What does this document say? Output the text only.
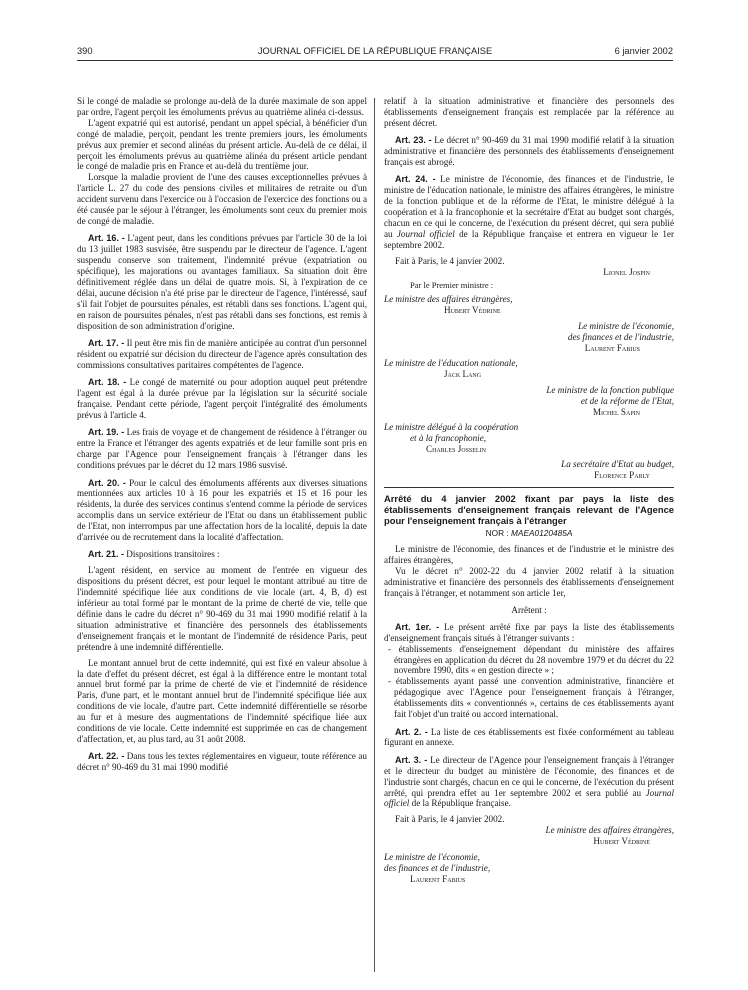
390	JOURNAL OFFICIEL DE LA RÉPUBLIQUE FRANÇAISE	6 janvier 2002

Si le congé de maladie se prolonge au-delà de la durée maximale de son appel par ordre, l'agent perçoit les émoluments prévus au quatrième alinéa ci-dessus.

L'agent expatrié qui est autorisé, pendant un appel spécial, à bénéficier d'un congé de maladie, perçoit, pendant les trente premiers jours, les émoluments prévus aux premier et second alinéas du présent article. Au-delà de ce délai, il perçoit les émoluments prévus au quatrième alinéa du présent article pendant le congé de maladie pris en France et au-delà du trentième jour.

Lorsque la maladie provient de l'une des causes exceptionnelles prévues à l'article L. 27 du code des pensions civiles et militaires de retraite ou d'un accident survenu dans l'exercice ou à l'occasion de l'exercice des fonctions ou a été causée par le séjour à l'étranger, les émoluments sont ceux du premier mois de congé de maladie.

Art. 16. - L'agent peut, dans les conditions prévues par l'article 30 de la loi du 13 juillet 1983 susvisée, être suspendu par le directeur de l'agence. L'agent suspendu conserve son traitement, l'indemnité prévue (expatriation ou spécifique), les majorations ou avantages familiaux. Sa situation doit être définitivement réglée dans un délai de quatre mois. Si, à l'expiration de ce délai, aucune décision n'a été prise par le directeur de l'agence, l'intéressé, sauf s'il fait l'objet de poursuites pénales, est rétabli dans ses fonctions. L'agent qui, en raison de poursuites pénales, n'est pas rétabli dans ses fonctions, est remis à disposition de son administration d'origine.

Art. 17. - Il peut être mis fin de manière anticipée au contrat d'un personnel résident ou expatrié sur décision du directeur de l'agence après consultation des commissions consultatives paritaires compétentes de l'agence.

Art. 18. - Le congé de maternité ou pour adoption auquel peut prétendre l'agent est égal à la durée prévue par la législation sur la sécurité sociale française. Pendant cette période, l'agent perçoit l'intégralité des émoluments prévus à l'article 4.

Art. 19. - Les frais de voyage et de changement de résidence à l'étranger ou entre la France et l'étranger des agents expatriés et de leur famille sont pris en charge par l'Agence pour l'enseignement français à l'étranger dans les conditions prévues par le décret du 12 mars 1986 susvisé.

Art. 20. - Pour le calcul des émoluments afférents aux diverses situations mentionnées aux articles 10 à 16 pour les expatriés et 15 et 16 pour les résidents, la durée des services continus s'entend comme la période de services accomplis dans un service extérieur de l'Etat ou dans un établissement public de l'Etat, non interrompus par une affectation hors de la localité, depuis la date d'arrivée ou de recrutement dans la localité d'affectation.

Art. 21. - Dispositions transitoires :

L'agent résident, en service au moment de l'entrée en vigueur des dispositions du présent décret, est pour lequel le montant attribué au titre de l'indemnité spécifique liée aux conditions de vie locale (art. 4, B, d) est inférieur au total formé par le montant de la prime de cherté de vie, telle que définie dans le cadre du décret n° 90-469 du 31 mai 1990 modifié relatif à la situation administrative et financière des personnels des établissements d'enseignement français et le montant de l'indemnité de résidence Paris, peut prétendre à une indemnité différentielle.

Le montant annuel brut de cette indemnité, qui est fixé en valeur absolue à la date d'effet du présent décret, est égal à la différence entre le montant total annuel brut formé par la prime de cherté de vie et l'indemnité de résidence Paris, d'une part, et le montant annuel brut de l'indemnité spécifique liée aux conditions de vie locale, d'autre part. Cette indemnité différentielle se résorbe au fur et à mesure des augmentations de l'indemnité spécifique liée aux conditions de vie locale. Cette indemnité est supprimée en cas de changement d'affectation, et, au plus tard, au 31 août 2008.

Art. 22. - Dans tous les textes réglementaires en vigueur, toute référence au décret n° 90-469 du 31 mai 1990 modifié

relatif à la situation administrative et financière des personnels des établissements d'enseignement français est remplacée par la référence au présent décret.

Art. 23. - Le décret n° 90-469 du 31 mai 1990 modifié relatif à la situation administrative et financière des personnels des établissements d'enseignement français est abrogé.

Art. 24. - Le ministre de l'économie, des finances et de l'industrie, le ministre de l'éducation nationale, le ministre des affaires étrangères, le ministre de la fonction publique et de la réforme de l'Etat, le ministre délégué à la coopération et à la francophonie et la secrétaire d'Etat au budget sont chargés, chacun en ce qui le concerne, de l'exécution du présent décret, qui sera publié au Journal officiel de la République française et entrera en vigueur le 1er septembre 2002.

Fait à Paris, le 4 janvier 2002.

Lionel Jospin
Par le Premier ministre :
Le ministre des affaires étrangères,
Hubert Védrine
Le ministre de l'économie,
des finances et de l'industrie,
Laurent Fabius
Le ministre de l'éducation nationale,
Jack Lang
Le ministre de la fonction publique
et de la réforme de l'Etat,
Michel Sapin
Le ministre délégué à la coopération
et à la francophonie,
Charles Josselin
La secrétaire d'Etat au budget,
Florence Parly
Arrêté du 4 janvier 2002 fixant par pays la liste des établissements d'enseignement français relevant de l'Agence pour l'enseignement français à l'étranger
NOR : MAEA0120485A

Le ministre de l'économie, des finances et de l'industrie et le ministre des affaires étrangères,

Vu le décret n° 2002-22 du 4 janvier 2002 relatif à la situation administrative et financière des personnels des établissements d'enseignement français à l'étranger, et notamment son article 1er,

Arrêtent :

Art. 1er. - Le présent arrêté fixe par pays la liste des établissements d'enseignement français situés à l'étranger suivants :

- établissements d'enseignement dépendant du ministère des affaires étrangères en application du décret du 28 novembre 1979 et du décret du 22 novembre 1990, dits « en gestion directe » ;

- établissements ayant passé une convention administrative, financière et pédagogique avec l'Agence pour l'enseignement français à l'étranger, établissements dits « conventionnés », certains de ces établissements ayant fait l'objet d'un traité ou accord international.

Art. 2. - La liste de ces établissements est fixée conformément au tableau figurant en annexe.

Art. 3. - Le directeur de l'Agence pour l'enseignement français à l'étranger et le directeur du budget au ministère de l'économie, des finances et de l'industrie sont chargés, chacun en ce qui le concerne, de l'exécution du présent arrêté, qui prendra effet au 1er septembre 2002 et sera publié au Journal officiel de la République française.

Fait à Paris, le 4 janvier 2002.

Le ministre des affaires étrangères,
Hubert Védrine
Le ministre de l'économie,
des finances et de l'industrie,
Laurent Fabius
